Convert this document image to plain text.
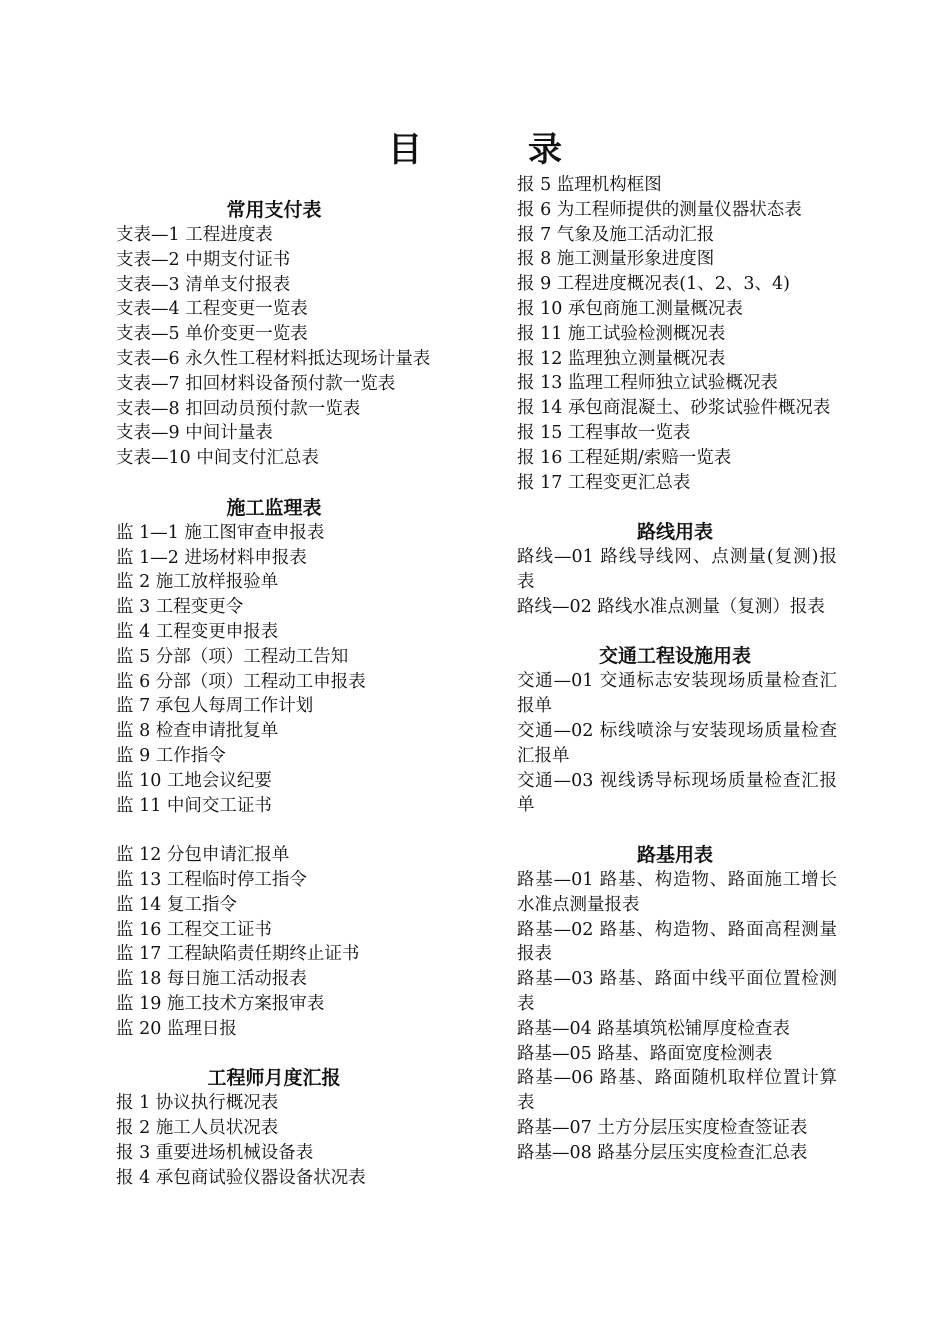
目　录
常用支付表
支表—1 工程进度表
支表—2 中期支付证书
支表—3 清单支付报表
支表—4 工程变更一览表
支表—5 单价变更一览表
支表—6 永久性工程材料抵达现场计量表
支表—7 扣回材料设备预付款一览表
支表—8 扣回动员预付款一览表
支表—9 中间计量表
支表—10 中间支付汇总表
施工监理表
监 1—1 施工图审查申报表
监 1—2 进场材料申报表
监 2 施工放样报验单
监 3 工程变更令
监 4 工程变更申报表
监 5 分部（项）工程动工告知
监 6 分部（项）工程动工申报表
监 7 承包人每周工作计划
监 8 检查申请批复单
监 9 工作指令
监 10 工地会议纪要
监 11 中间交工证书
监 12 分包申请汇报单
监 13 工程临时停工指令
监 14 复工指令
监 16 工程交工证书
监 17 工程缺陷责任期终止证书
监 18 每日施工活动报表
监 19 施工技术方案报审表
监 20 监理日报
工程师月度汇报
报 1 协议执行概况表
报 2 施工人员状况表
报 3 重要进场机械设备表
报 4 承包商试验仪器设备状况表
报 5 监理机构框图
报 6 为工程师提供的测量仪器状态表
报 7 气象及施工活动汇报
报 8 施工测量形象进度图
报 9 工程进度概况表(1、2、3、4)
报 10 承包商施工测量概况表
报 11 施工试验检测概况表
报 12 监理独立测量概况表
报 13 监理工程师独立试验概况表
报 14 承包商混凝土、砂浆试验件概况表
报 15 工程事故一览表
报 16 工程延期/索赔一览表
报 17 工程变更汇总表
路线用表
路线—01 路线导线网、点测量(复测)报表
路线—02 路线水准点测量（复测）报表
交通工程设施用表
交通—01 交通标志安装现场质量检查汇报单
交通—02 标线喷涂与安装现场质量检查汇报单
交通—03 视线诱导标现场质量检查汇报单
路基用表
路基—01 路基、构造物、路面施工增长水准点测量报表
路基—02 路基、构造物、路面高程测量报表
路基—03 路基、路面中线平面位置检测表
路基—04 路基填筑松铺厚度检查表
路基—05 路基、路面宽度检测表
路基—06 路基、路面随机取样位置计算表
路基—07 土方分层压实度检查签证表
路基—08 路基分层压实度检查汇总表
